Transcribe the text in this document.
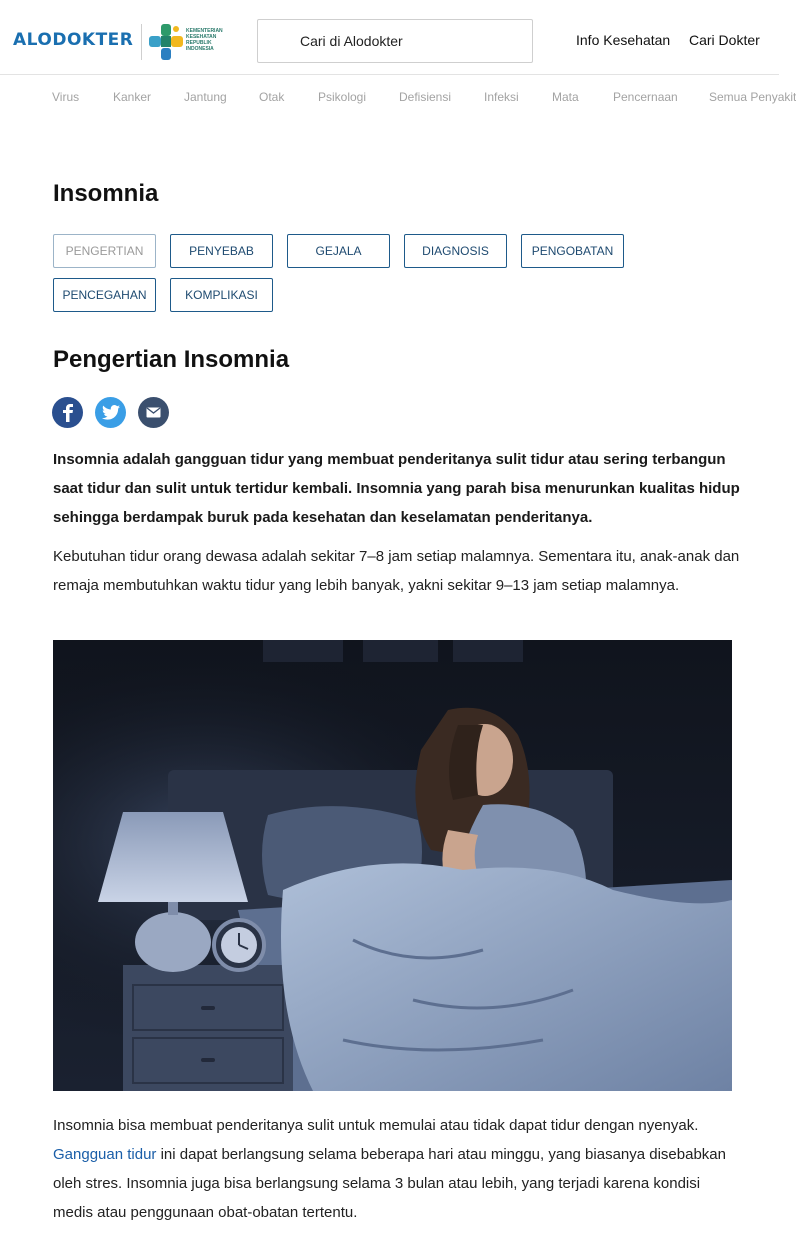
ALODOKTER	KEMENTERIAN
KESEHATAN
REPUBLIK
INDONESIA
Cari di Alodokter
Info Kesehatan Cari Dokter
Virus	Kanker	Jantung	Otak	Psikologi	Defisiensi	Infeksi	Mata	Pencernaan	Semua Penyakit
Insomnia
PENGERTIAN	PENYEBAB	GEJALA	DIAGNOSIS	PENGOBATAN
PENCEGAHAN	KOMPLIKASI
Pengertian Insomnia

Insomnia adalah gangguan tidur yang membuat penderitanya sulit tidur atau sering terbangun saat tidur dan sulit untuk tertidur kembali. Insomnia yang parah bisa menurunkan kualitas hidup sehingga berdampak buruk pada kesehatan dan keselamatan penderitanya.

Kebutuhan tidur orang dewasa adalah sekitar 7–8 jam setiap malamnya. Sementara itu, anak-anak dan remaja membutuhkan waktu tidur yang lebih banyak, yakni sekitar 9–13 jam setiap malamnya.

Insomnia bisa membuat penderitanya sulit untuk memulai atau tidak dapat tidur dengan nyenyak. Gangguan tidur ini dapat berlangsung selama beberapa hari atau minggu, yang biasanya disebabkan oleh stres. Insomnia juga bisa berlangsung selama 3 bulan atau lebih, yang terjadi karena kondisi medis atau penggunaan obat-obatan tertentu.
